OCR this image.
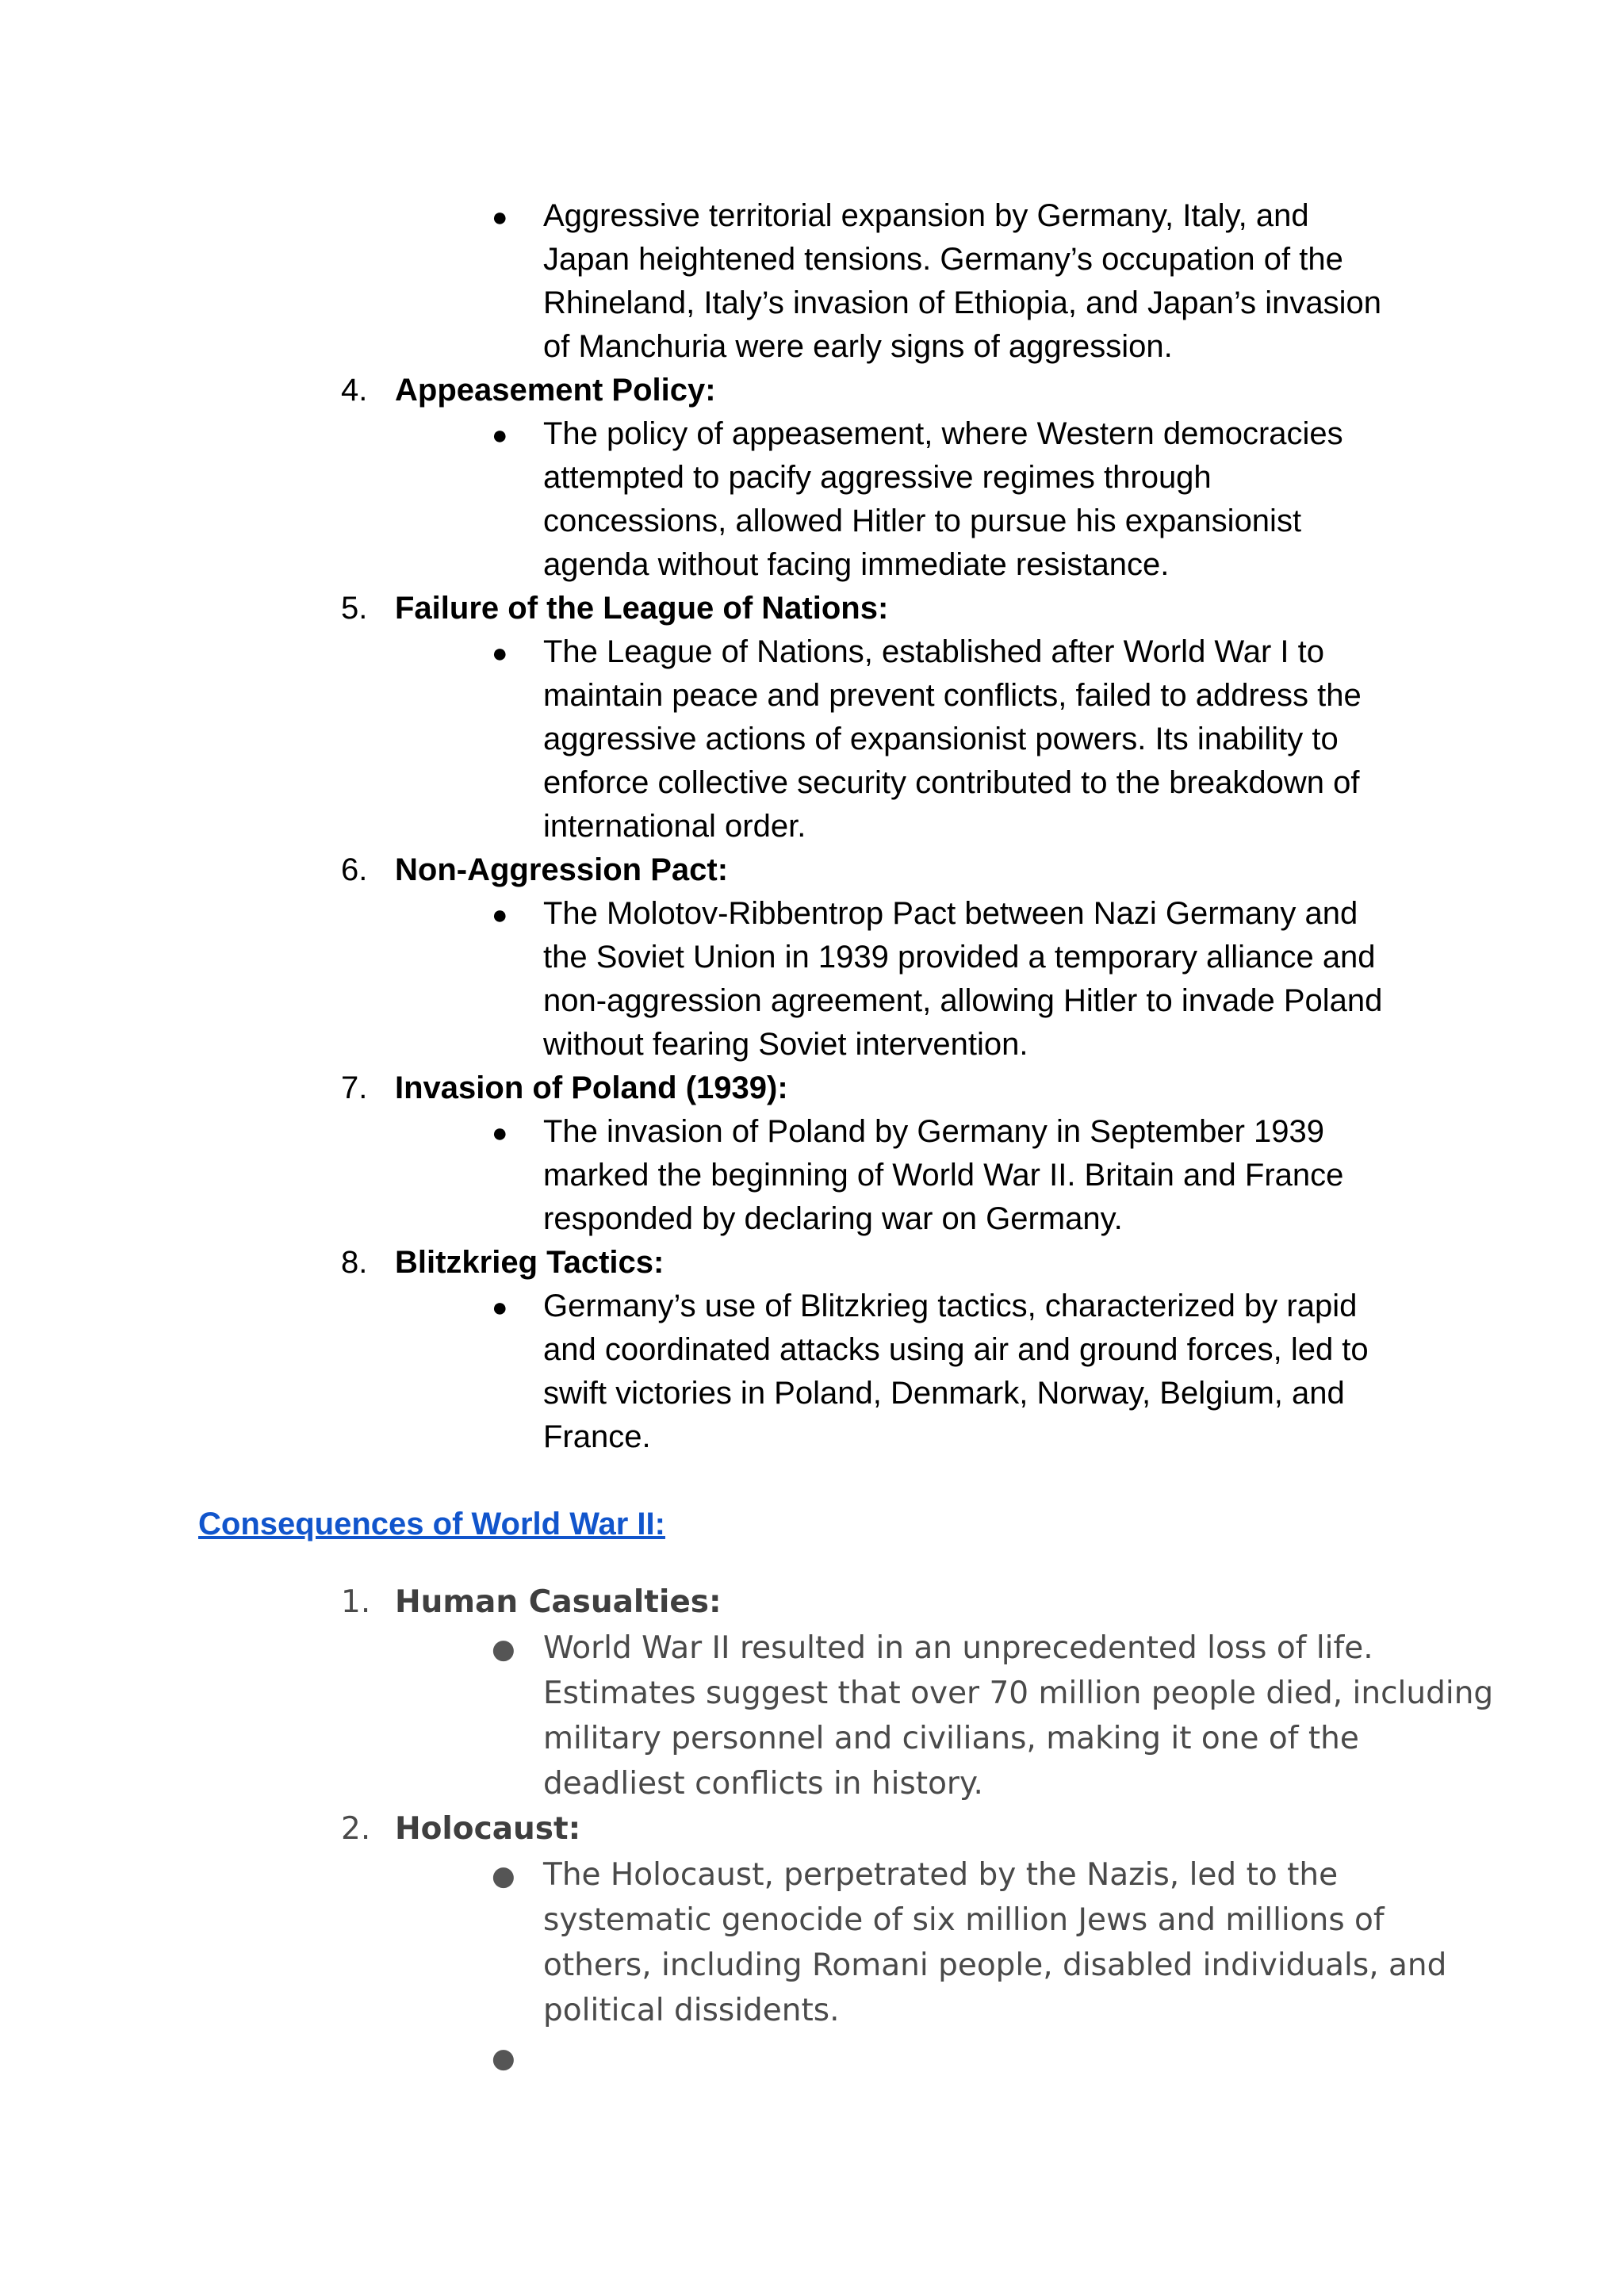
● Aggressive territorial expansion by Germany, Italy, and
Japan heightened tensions. Germany’s occupation of the
Rhineland, Italy’s invasion of Ethiopia, and Japan’s invasion
of Manchuria were early signs of aggression.
4. Appeasement Policy:
● The policy of appeasement, where Western democracies
attempted to pacify aggressive regimes through
concessions, allowed Hitler to pursue his expansionist
agenda without facing immediate resistance.
5. Failure of the League of Nations:
● The League of Nations, established after World War I to
maintain peace and prevent conflicts, failed to address the
aggressive actions of expansionist powers. Its inability to
enforce collective security contributed to the breakdown of
international order.
6. Non-Aggression Pact:
● The Molotov-Ribbentrop Pact between Nazi Germany and
the Soviet Union in 1939 provided a temporary alliance and
non-aggression agreement, allowing Hitler to invade Poland
without fearing Soviet intervention.
7. Invasion of Poland (1939):
● The invasion of Poland by Germany in September 1939
marked the beginning of World War II. Britain and France
responded by declaring war on Germany.
8. Blitzkrieg Tactics:
● Germany’s use of Blitzkrieg tactics, characterized by rapid
and coordinated attacks using air and ground forces, led to
swift victories in Poland, Denmark, Norway, Belgium, and
France.
Consequences of World War II:
1. Human Casualties:
● World War II resulted in an unprecedented loss of life.
Estimates suggest that over 70 million people died, including
military personnel and civilians, making it one of the
deadliest conflicts in history.
2. Holocaust:
● The Holocaust, perpetrated by the Nazis, led to the
systematic genocide of six million Jews and millions of
others, including Romani people, disabled individuals, and
political dissidents.
●
